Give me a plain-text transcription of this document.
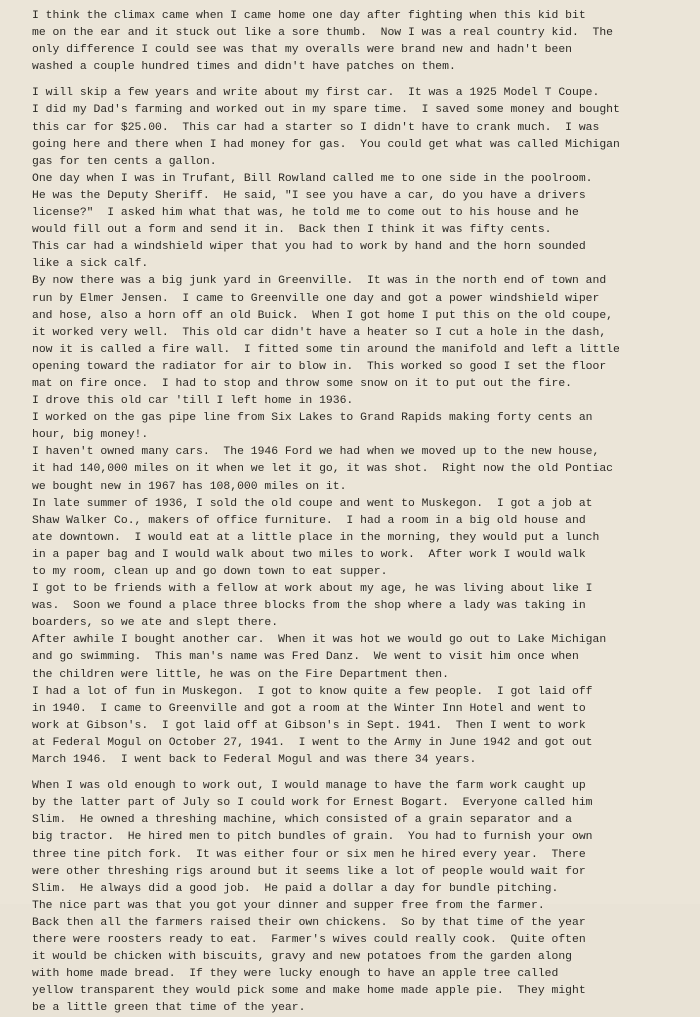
I think the climax came when I came home one day after fighting when this kid bit
me on the ear and it stuck out like a sore thumb.  Now I was a real country kid.  The
only difference I could see was that my overalls were brand new and hadn't been
washed a couple hundred times and didn't have patches on them.
I will skip a few years and write about my first car.  It was a 1925 Model T Coupe.
I did my Dad's farming and worked out in my spare time.  I saved some money and bought
this car for $25.00.  This car had a starter so I didn't have to crank much.  I was
going here and there when I had money for gas.  You could get what was called Michigan
gas for ten cents a gallon.
One day when I was in Trufant, Bill Rowland called me to one side in the poolroom.
He was the Deputy Sheriff.  He said, "I see you have a car, do you have a drivers
license?"  I asked him what that was, he told me to come out to his house and he
would fill out a form and send it in.  Back then I think it was fifty cents.
This car had a windshield wiper that you had to work by hand and the horn sounded
like a sick calf.
By now there was a big junk yard in Greenville.  It was in the north end of town and
run by Elmer Jensen.  I came to Greenville one day and got a power windshield wiper
and hose, also a horn off an old Buick.  When I got home I put this on the old coupe,
it worked very well.  This old car didn't have a heater so I cut a hole in the dash,
now it is called a fire wall.  I fitted some tin around the manifold and left a little
opening toward the radiator for air to blow in.  This worked so good I set the floor
mat on fire once.  I had to stop and throw some snow on it to put out the fire.
I drove this old car 'till I left home in 1936.
I worked on the gas pipe line from Six Lakes to Grand Rapids making forty cents an
hour, big money!.
I haven't owned many cars.  The 1946 Ford we had when we moved up to the new house,
it had 140,000 miles on it when we let it go, it was shot.  Right now the old Pontiac
we bought new in 1967 has 108,000 miles on it.
In late summer of 1936, I sold the old coupe and went to Muskegon.  I got a job at
Shaw Walker Co., makers of office furniture.  I had a room in a big old house and
ate downtown.  I would eat at a little place in the morning, they would put a lunch
in a paper bag and I would walk about two miles to work.  After work I would walk
to my room, clean up and go down town to eat supper.
I got to be friends with a fellow at work about my age, he was living about like I
was.  Soon we found a place three blocks from the shop where a lady was taking in
boarders, so we ate and slept there.
After awhile I bought another car.  When it was hot we would go out to Lake Michigan
and go swimming.  This man's name was Fred Danz.  We went to visit him once when
the children were little, he was on the Fire Department then.
I had a lot of fun in Muskegon.  I got to know quite a few people.  I got laid off
in 1940.  I came to Greenville and got a room at the Winter Inn Hotel and went to
work at Gibson's.  I got laid off at Gibson's in Sept. 1941.  Then I went to work
at Federal Mogul on October 27, 1941.  I went to the Army in June 1942 and got out
March 1946.  I went back to Federal Mogul and was there 34 years.
When I was old enough to work out, I would manage to have the farm work caught up
by the latter part of July so I could work for Ernest Bogart.  Everyone called him
Slim.  He owned a threshing machine, which consisted of a grain separator and a
big tractor.  He hired men to pitch bundles of grain.  You had to furnish your own
three tine pitch fork.  It was either four or six men he hired every year.  There
were other threshing rigs around but it seems like a lot of people would wait for
Slim.  He always did a good job.  He paid a dollar a day for bundle pitching.
The nice part was that you got your dinner and supper free from the farmer.
Back then all the farmers raised their own chickens.  So by that time of the year
there were roosters ready to eat.  Farmer's wives could really cook.  Quite often
it would be chicken with biscuits, gravy and new potatoes from the garden along
with home made bread.  If they were lucky enough to have an apple tree called
yellow transparent they would pick some and make home made apple pie.  They might
be a little green that time of the year.
